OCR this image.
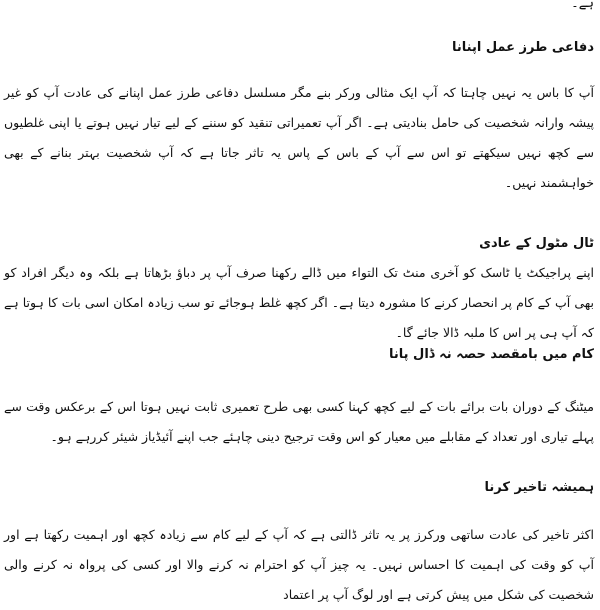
ہے۔
دفاعی طرز عمل اپنانا
آپ کا باس یہ نہیں چاہتا کہ آپ ایک مثالی ورکر بنے مگر مسلسل دفاعی طرز عمل اپنانے کی عادت آپ کو غیر پیشہ وارانہ شخصیت کی حامل بنادیتی ہے۔ اگر آپ تعمیراتی تنقید کو سننے کے لیے تیار نہیں ہوتے یا اپنی غلطیوں سے کچھ نہیں سیکھتے تو اس سے آپ کے باس کے پاس یہ تاثر جاتا ہے کہ آپ شخصیت بہتر بنانے کے بھی خواہشمند نہیں۔
ٹال مٹول کے عادی
اپنے پراجیکٹ یا ٹاسک کو آخری منٹ تک التواء میں ڈالے رکھنا صرف آپ پر دباؤ بڑھاتا ہے بلکہ وہ دیگر افراد کو بھی آپ کے کام پر انحصار کرنے کا مشورہ دیتا ہے۔ اگر کچھ غلط ہوجائے تو سب زیادہ امکان اسی بات کا ہوتا ہے کہ آپ ہی پر اس کا ملبہ ڈالا جائے گا۔
کام میں بامقصد حصہ نہ ڈال پانا
میٹنگ کے دوران بات برائے بات کے لیے کچھ کہنا کسی بھی طرح تعمیری ثابت نہیں ہوتا اس کے برعکس وقت سے پہلے تیاری اور تعداد کے مقابلے میں معیار کو اس وقت ترجیح دینی چاہئے جب اپنے آئیڈیاز شیئر کررہے ہو۔
ہمیشہ تاخیر کرنا
اکثر تاخیر کی عادت ساتھی ورکرز پر یہ تاثر ڈالتی ہے کہ آپ کے لیے کام سے زیادہ کچھ اور اہمیت رکھتا ہے اور آپ کو وقت کی اہمیت کا احساس نہیں۔ یہ چیز آپ کو احترام نہ کرنے والا اور کسی کی پرواہ نہ کرنے والی شخصیت کی شکل میں پیش کرتی ہے اور لوگ آپ پر اعتماد
